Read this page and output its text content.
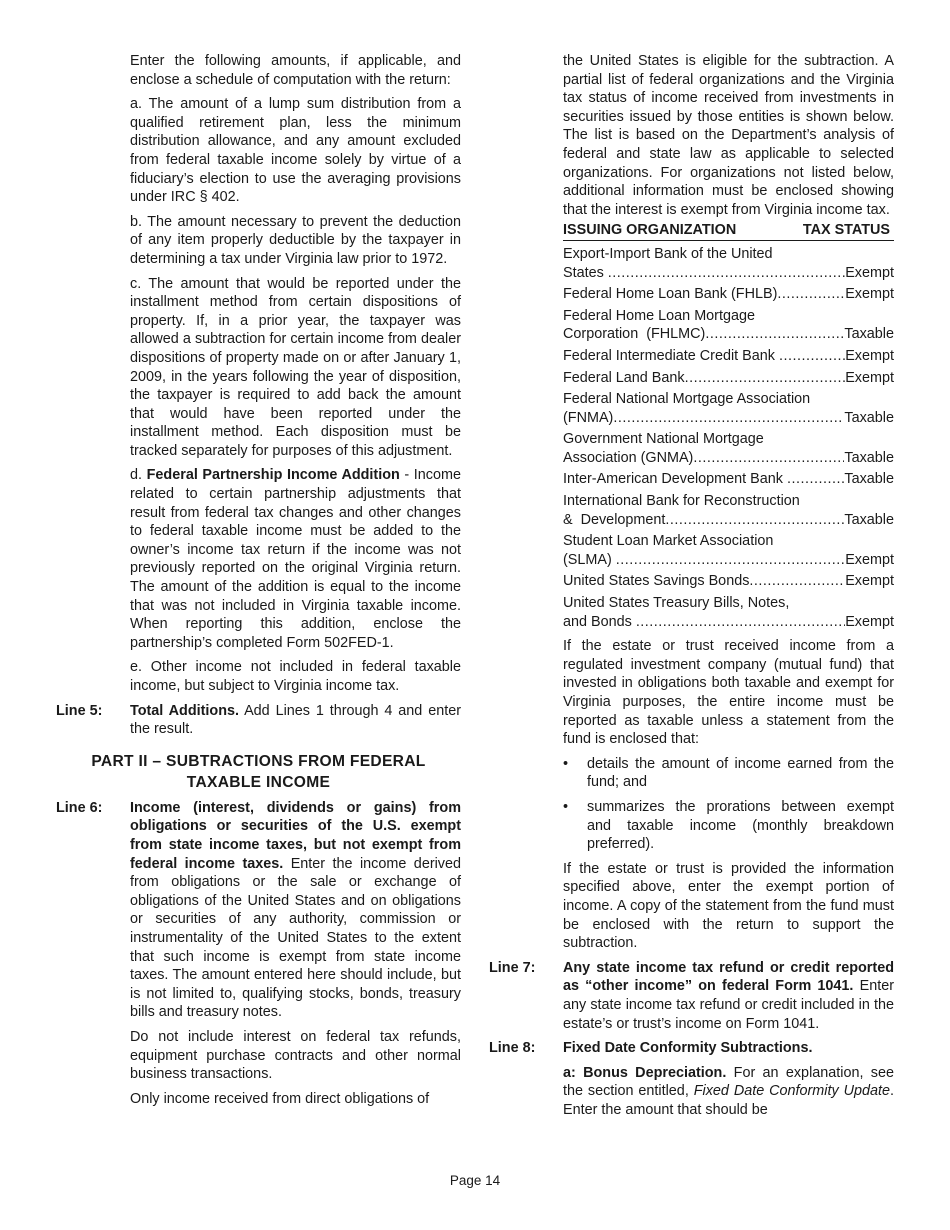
Enter the following amounts, if applicable, and enclose a schedule of computation with the return:

a. The amount of a lump sum distribution from a qualified retirement plan, less the minimum distribution allowance, and any amount excluded from federal taxable income solely by virtue of a fiduciary’s election to use the averaging provisions under IRC § 402.

b. The amount necessary to prevent the deduction of any item properly deductible by the taxpayer in determining a tax under Virginia law prior to 1972.

c. The amount that would be reported under the installment method from certain dispositions of property. If, in a prior year, the taxpayer was allowed a subtraction for certain income from dealer dispositions of property made on or after January 1, 2009, in the years following the year of disposition, the taxpayer is required to add back the amount that would have been reported under the installment method. Each disposition must be tracked separately for purposes of this adjustment.

d. Federal Partnership Income Addition - Income related to certain partnership adjustments that result from federal tax changes and other changes to federal taxable income must be added to the owner’s income tax return if the income was not previously reported on the original Virginia return. The amount of the addition is equal to the income that was not included in Virginia taxable income. When reporting this addition, enclose the partnership’s completed Form 502FED-1.

e. Other income not included in federal taxable income, but subject to Virginia income tax.

Line 5:	Total Additions. Add Lines 1 through 4 and enter the result.
PART II – SUBTRACTIONS FROM FEDERAL
TAXABLE INCOME
Line 6:	Income (interest, dividends or gains) from obligations or securities of the U.S. exempt from state income taxes, but not exempt from federal income taxes. Enter the income derived from obligations or the sale or exchange of obligations of the United States and on obligations or securities of any authority, commission or instrumentality of the United States to the extent that such income is exempt from state income taxes. The amount entered here should include, but is not limited to, qualifying stocks, bonds, treasury bills and treasury notes.

Do not include interest on federal tax refunds, equipment purchase contracts and other normal business transactions.

Only income received from direct obligations of

the United States is eligible for the subtraction. A partial list of federal organizations and the Virginia tax status of income received from investments in securities issued by those entities is shown below. The list is based on the Department’s analysis of federal and state law as applicable to selected organizations. For organizations not listed below, additional information must be enclosed showing that the interest is exempt from Virginia income tax.

ISSUING ORGANIZATION	TAX STATUS
Export-Import Bank of the United
States .....	Exempt
Federal Home Loan Bank (FHLB) .....	Exempt
Federal Home Loan Mortgage
Corporation  (FHLMC) .....	Taxable
Federal Intermediate Credit Bank .....	Exempt
Federal Land Bank .....	Exempt
Federal National Mortgage Association
(FNMA) .....	Taxable
Government National Mortgage
Association (GNMA) .....	Taxable
Inter-American Development Bank .....	Taxable
International Bank for Reconstruction
&  Development .....	Taxable
Student Loan Market Association
(SLMA) .....	Exempt
United States Savings Bonds .....	Exempt
United States Treasury Bills, Notes,
and Bonds .....	Exempt

If the estate or trust received income from a regulated investment company (mutual fund) that invested in obligations both taxable and exempt for Virginia purposes, the entire income must be reported as taxable unless a statement from the fund is enclosed that:

•	details the amount of income earned from the fund; and
•	summarizes the prorations between exempt and taxable income (monthly breakdown preferred).

If the estate or trust is provided the information specified above, enter the exempt portion of income. A copy of the statement from the fund must be enclosed with the return to support the subtraction.

Line 7:	Any state income tax refund or credit reported as “other income” on federal Form 1041. Enter any state income tax refund or credit included in the estate’s or trust’s income on Form 1041.
Line 8:	Fixed Date Conformity Subtractions.

a: Bonus Depreciation. For an explanation, see the section entitled, Fixed Date Conformity Update. Enter the amount that should be

Page 14
